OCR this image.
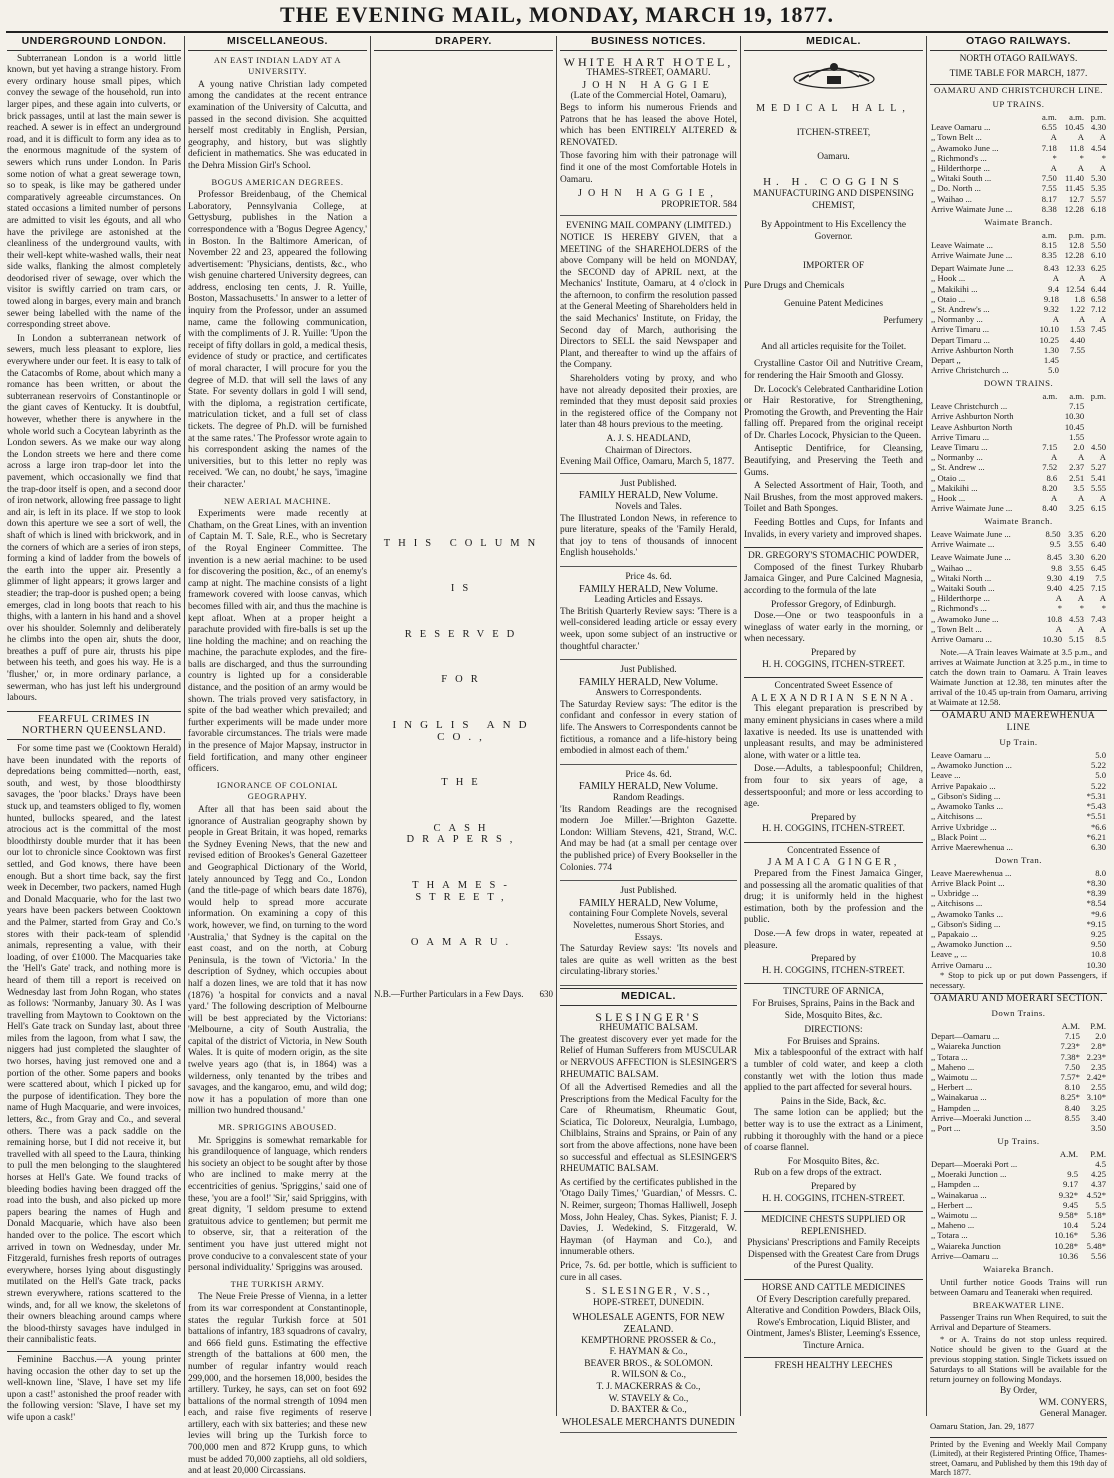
THE EVENING MAIL, MONDAY, MARCH 19, 1877.
UNDERGROUND LONDON.

Subterranean London is a world little known, but yet having a strange history. From every ordinary house small pipes, which convey the sewage of the household, run into larger pipes, and these again into culverts, or brick passages, until at last the main sewer is reached. A sewer is in effect an underground road, and it is difficult to form any idea as to the enormous magnitude of the system of sewers which runs under London. In Paris some notion of what a great sewerage town, so to speak, is like may be gathered under comparatively agreeable circumstances. On stated occasions a limited number of persons are admitted to visit les égouts, and all who have the privilege are astonished at the cleanliness of the underground vaults, with their well-kept white-washed walls, their neat side walks, flanking the almost completely deodorised river of sewage, over which the visitor is swiftly carried on tram cars, or towed along in barges, every main and branch sewer being labelled with the name of the corresponding street above.

In London a subterranean network of sewers, much less pleasant to explore, lies everywhere under our feet. It is easy to talk of the Catacombs of Rome, about which many a romance has been written, or about the subterranean reservoirs of Constantinople or the giant caves of Kentucky. It is doubtful, however, whether there is anywhere in the whole world such a Cocytean labyrinth as the London sewers. As we make our way along the London streets we here and there come across a large iron trap-door let into the pavement, which occasionally we find that the trap-door itself is open, and a second door of iron network, allowing free passage to light and air, is left in its place. If we stop to look down this aperture we see a sort of well, the shaft of which is lined with brickwork, and in the corners of which are a series of iron steps, forming a kind of ladder from the bowels of the earth into the upper air. Presently a glimmer of light appears; it grows larger and steadier; the trap-door is pushed open; a being emerges, clad in long boots that reach to his thighs, with a lantern in his hand and a shovel over his shoulder. Solemnly and deliberately he climbs into the open air, shuts the door, breathes a puff of pure air, thrusts his pipe between his teeth, and goes his way. He is a 'flusher,' or, in more ordinary parlance, a sewerman, who has just left his underground labours.

FEARFUL CRIMES IN NORTHERN QUEENSLAND.

For some time past we (Cooktown Herald) have been inundated with the reports of depredations being committed—north, east, south, and west, by those bloodthirsty savages, the 'poor blacks.' Drays have been stuck up, and teamsters obliged to fly, women hunted, bullocks speared, and the latest atrocious act is the committal of the most bloodthirsty double murder that it has been our lot to chronicle since Cooktown was first settled, and God knows, there have been enough. But a short time back, say the first week in December, two packers, named Hugh and Donald Macquarie, who for the last two years have been packers between Cooktown and the Palmer, started from Gray and Co.'s stores with their pack-team of splendid animals, representing a value, with their loading, of over £1000. The Macquaries take the 'Hell's Gate' track, and nothing more is heard of them till a report is received on Wednesday last from John Rogan, who states as follows: 'Normanby, January 30. As I was travelling from Maytown to Cooktown on the Hell's Gate track on Sunday last, about three miles from the lagoon, from what I saw, the niggers had just completed the slaughter of two horses, having just removed one and a portion of the other. Some papers and books were scattered about, which I picked up for the purpose of identification. They bore the name of Hugh Macquarie, and were invoices, letters, &c., from Gray and Co., and several others. There was a pack saddle on the remaining horse, but I did not receive it, but travelled with all speed to the Laura, thinking to pull the men belonging to the slaughtered horses at Hell's Gate. We found tracks of bleeding bodies having been dragged off the road into the bush, and also picked up more papers bearing the names of Hugh and Donald Macquarie, which have also been handed over to the police. The escort which arrived in town on Wednesday, under Mr. Fitzgerald, furnishes fresh reports of outrages everywhere, horses lying about disgustingly mutilated on the Hell's Gate track, packs strewn everywhere, rations scattered to the winds, and, for all we know, the skeletons of their owners bleaching around camps where the blood-thirsty savages have indulged in their cannibalistic feats.

Feminine Bacchus.—A young printer having occasion the other day to set up the well-known line, 'Slave, I have set my life upon a cast!' astonished the proof reader with the following version: 'Slave, I have set my wife upon a cask!'

MISCELLANEOUS.
AN EAST INDIAN LADY AT A UNIVERSITY.

A young native Christian lady competed among the candidates at the recent entrance examination of the University of Calcutta, and passed in the second division. She acquitted herself most creditably in English, Persian, geography, and history, but was slightly deficient in mathematics. She was educated in the Dehra Mission Girl's School.

BOGUS AMERICAN DEGREES.

Professor Breidenbaug, of the Chemical Laboratory, Pennsylvania College, at Gettysburg, publishes in the Nation a correspondence with a 'Bogus Degree Agency,' in Boston. In the Baltimore American, of November 22 and 23, appeared the following advertisement: 'Physicians, dentists, &c., who wish genuine chartered University degrees, can address, enclosing ten cents, J. R. Yuille, Boston, Massachusetts.' In answer to a letter of inquiry from the Professor, under an assumed name, came the following communication, with the compliments of J. R. Yuille: 'Upon the receipt of fifty dollars in gold, a medical thesis, evidence of study or practice, and certificates of moral character, I will procure for you the degree of M.D. that will sell the laws of any State. For seventy dollars in gold I will send, with the diploma, a registration certificate, matriculation ticket, and a full set of class tickets. The degree of Ph.D. will be furnished at the same rates.' The Professor wrote again to his correspondent asking the names of the universities, but to this letter no reply was received. 'We can, no doubt,' he says, 'imagine their character.'

NEW AERIAL MACHINE.

Experiments were made recently at Chatham, on the Great Lines, with an invention of Captain M. T. Sale, R.E., who is Secretary of the Royal Engineer Committee. The invention is a new aerial machine: to be used for discovering the position, &c., of an enemy's camp at night. The machine consists of a light framework covered with loose canvas, which becomes filled with air, and thus the machine is kept afloat. When at a proper height a parachute provided with fire-balls is set up the line holding the machine; and on reaching the machine, the parachute explodes, and the fire-balls are discharged, and thus the surrounding country is lighted up for a considerable distance, and the position of an army would be shown. The trials proved very satisfactory, in spite of the bad weather which prevailed; and further experiments will be made under more favorable circumstances. The trials were made in the presence of Major Mapsay, instructor in field fortification, and many other engineer officers.

IGNORANCE OF COLONIAL GEOGRAPHY.

After all that has been said about the ignorance of Australian geography shown by people in Great Britain, it was hoped, remarks the Sydney Evening News, that the new and revised edition of Brookes's General Gazetteer and Geographical Dictionary of the World, lately announced by Tegg and Co., London (and the title-page of which bears date 1876), would help to spread more accurate information. On examining a copy of this work, however, we find, on turning to the word 'Australia,' that Sydney is the capital on the east coast, and on the north, at Coburg Peninsula, is the town of 'Victoria.' In the description of Sydney, which occupies about half a dozen lines, we are told that it has now (1876) 'a hospital for convicts and a naval yard.' The following description of Melbourne will be best appreciated by the Victorians: 'Melbourne, a city of South Australia, the capital of the district of Victoria, in New South Wales. It is quite of modern origin, as the site twelve years ago (that is, in 1864) was a wilderness, only tenanted by the tribes and savages, and the kangaroo, emu, and wild dog; now it has a population of more than one million two hundred thousand.'

MR. SPRIGGINS ABOUSED.

Mr. Spriggins is somewhat remarkable for his grandiloquence of language, which renders his society an object to be sought after by those who are inclined to make merry at the eccentricities of genius. 'Spriggins,' said one of these, 'you are a fool!' 'Sir,' said Spriggins, with great dignity, 'I seldom presume to extend gratuitous advice to gentlemen; but permit me to observe, sir, that a reiteration of the sentiment you have just uttered might not prove conducive to a convalescent state of your personal individuality.' Spriggins was aroused.

THE TURKISH ARMY.

The Neue Freie Presse of Vienna, in a letter from its war correspondent at Constantinople, states the regular Turkish force at 501 battalions of infantry, 183 squadrons of cavalry, and 666 field guns. Estimating the effective strength of the battalions at 600 men, the number of regular infantry would reach 299,000, and the horsemen 18,000, besides the artillery. Turkey, he says, can set on foot 692 battalions of the normal strength of 1094 men each, and raise five regiments of reserve artillery, each with six batteries; and these new levies will bring up the Turkish force to 700,000 men and 872 Krupp guns, to which must be added 70,000 zaptiehs, all old soldiers, and at least 20,000 Circassians.

DRAPERY.
THIS COLUMN
IS
RESERVED
FOR
INGLIS AND CO.,
THE
CASH DRAPERS,
THAMES-STREET,
OAMARU.
N.B.—Further Particulars in a Few Days. 630
BUSINESS NOTICES.
WHITE HART HOTEL,
THAMES-STREET, OAMARU.
JOHN HAGGIE
(Late of the Commercial Hotel, Oamaru),

Begs to inform his numerous Friends and Patrons that he has leased the above Hotel, which has been ENTIRELY ALTERED & RENOVATED.

Those favoring him with their patronage will find it one of the most Comfortable Hotels in Oamaru.

JOHN HAGGIE,
PROPRIETOR. 584
EVENING MAIL COMPANY (LIMITED.)

NOTICE IS HEREBY GIVEN, that a MEETING of the SHAREHOLDERS of the above Company will be held on MONDAY, the SECOND day of APRIL next, at the Mechanics' Institute, Oamaru, at 4 o'clock in the afternoon, to confirm the resolution passed at the General Meeting of Shareholders held in the said Mechanics' Institute, on Friday, the Second day of March, authorising the Directors to SELL the said Newspaper and Plant, and thereafter to wind up the affairs of the Company.

Shareholders voting by proxy, and who have not already deposited their proxies, are reminded that they must deposit said proxies in the registered office of the Company not later than 48 hours previous to the meeting.

A. J. S. HEADLAND,
Chairman of Directors.
Evening Mail Office, Oamaru, March 5, 1877.
Just Published.
FAMILY HERALD, New Volume.
Novels and Tales.

The Illustrated London News, in reference to pure literature, speaks of the 'Family Herald, that joy to tens of thousands of innocent English households.'

Price 4s. 6d.
FAMILY HERALD, New Volume.
Leading Articles and Essays.

The British Quarterly Review says: 'There is a well-considered leading article or essay every week, upon some subject of an instructive or thoughtful character.'

Just Published.
FAMILY HERALD, New Volume.
Answers to Correspondents.

The Saturday Review says: 'The editor is the confidant and confessor in every station of life. The Answers to Correspondents cannot be fictitious, a romance and a life-history being embodied in almost each of them.'

Price 4s. 6d.
FAMILY HERALD, New Volume.
Random Readings.

'Its Random Readings are the recognised modern Joe Miller.'—Brighton Gazette. London: William Stevens, 421, Strand, W.C. And may be had (at a small per centage over the published price) of Every Bookseller in the Colonies. 774

Just Published.
FAMILY HERALD, New Volume,
containing Four Complete Novels, several Novelettes, numerous Short Stories, and Essays.

The Saturday Review says: 'Its novels and tales are quite as well written as the best circulating-library stories.'

MEDICAL.
SLESINGER'S
RHEUMATIC BALSAM.

The greatest discovery ever yet made for the Relief of Human Sufferers from MUSCULAR or NERVOUS AFFECTION is SLESINGER'S RHEUMATIC BALSAM.

Of all the Advertised Remedies and all the Prescriptions from the Medical Faculty for the Care of Rheumatism, Rheumatic Gout, Sciatica, Tic Doloreux, Neuralgia, Lumbago, Chilblains, Strains and Sprains, or Pain of any sort from the above affections, none have been so successful and effectual as SLESINGER'S RHEUMATIC BALSAM.

As certified by the certificates published in the 'Otago Daily Times,' 'Guardian,' of Messrs. C. N. Reimer, surgeon; Thomas Halliwell, Joseph Moss, John Healey, Chas. Sykes, Pianist; F. J. Davies, J. Wedekind, S. Fitzgerald, W. Hayman (of Hayman and Co.), and innumerable others.

Price, 7s. 6d. per bottle, which is sufficient to cure in all cases.

S. SLESINGER, V.S.,
HOPE-STREET, DUNEDIN.
WHOLESALE AGENTS, FOR NEW ZEALAND.
KEMPTHORNE PROSSER & Co.,
F. HAYMAN & Co.,
BEAVER BROS., & SOLOMON.
R. WILSON & Co.,
T. J. MACKERRAS & Co.,
W. STAVELY & Co.,
D. BAXTER & Co.,
WHOLESALE MERCHANTS DUNEDIN
MEDICAL.
MEDICAL HALL,
ITCHEN-STREET,
Oamaru.
H. H. COGGINS
MANUFACTURING AND DISPENSING CHEMIST,
By Appointment to His Excellency the Governor.
IMPORTER OF
Pure Drugs and Chemicals
Genuine Patent Medicines
Perfumery
And all articles requisite for the Toilet.

Crystalline Castor Oil and Nutritive Cream, for rendering the Hair Smooth and Glossy.

Dr. Locock's Celebrated Cantharidine Lotion or Hair Restorative, for Strengthening, Promoting the Growth, and Preventing the Hair falling off. Prepared from the original receipt of Dr. Charles Locock, Physician to the Queen.

Antiseptic Dentifrice, for Cleansing, Beautifying, and Preserving the Teeth and Gums.

A Selected Assortment of Hair, Tooth, and Nail Brushes, from the most approved makers. Toilet and Bath Sponges.

Feeding Bottles and Cups, for Infants and Invalids, in every variety and improved shapes.

DR. GREGORY'S STOMACHIC POWDER,

Composed of the finest Turkey Rhubarb Jamaica Ginger, and Pure Calcined Magnesia, according to the formula of the late

Professor Gregory, of Edinburgh.

Dose.—One or two teaspoonfuls in a wineglass of water early in the morning, or when necessary.

Prepared by
H. H. COGGINS, ITCHEN-STREET.
Concentrated Sweet Essence of
ALEXANDRIAN SENNA.

This elegant preparation is prescribed by many eminent physicians in cases where a mild laxative is needed. Its use is unattended with unpleasant results, and may be administered alone, with water or a little tea.

Dose.—Adults, a tablespoonful; Children, from four to six years of age, a dessertspoonful; and more or less according to age.

Prepared by
H. H. COGGINS, ITCHEN-STREET.
Concentrated Essence of
JAMAICA GINGER,

Prepared from the Finest Jamaica Ginger, and possessing all the aromatic qualities of that drug; it is uniformly held in the highest estimation, both by the profession and the public.

Dose.—A few drops in water, repeated at pleasure.

Prepared by
H. H. COGGINS, ITCHEN-STREET.
TINCTURE OF ARNICA,
For Bruises, Sprains, Pains in the Back and Side, Mosquito Bites, &c.
DIRECTIONS:
For Bruises and Sprains.

Mix a tablespoonful of the extract with half a tumbler of cold water, and keep a cloth constantly wet with the lotion thus made applied to the part affected for several hours.

Pains in the Side, Back, &c.

The same lotion can be applied; but the better way is to use the extract as a Liniment, rubbing it thoroughly with the hand or a piece of coarse flannel.

For Mosquito Bites, &c.

Rub on a few drops of the extract.

Prepared by
H. H. COGGINS, ITCHEN-STREET.
MEDICINE CHESTS SUPPLIED OR REPLENISHED.

Physicians' Prescriptions and Family Receipts Dispensed with the Greatest Care from Drugs of the Purest Quality.

HORSE AND CATTLE MEDICINES

Of Every Description carefully prepared. Alterative and Condition Powders, Black Oils, Rowe's Embrocation, Liquid Blister, and Ointment, James's Blister, Leeming's Essence, Tincture Arnica.

FRESH HEALTHY LEECHES
OTAGO RAILWAYS.
NORTH OTAGO RAILWAYS.
TIME TABLE FOR MARCH, 1877.
OAMARU AND CHRISTCHURCH LINE.
UP TRAINS.
	a.m.	a.m.	p.m.
Leave Oamaru ...	6.55	10.45	4.30
,, Town Belt ...	A	A	A
,, Awamoko June ...	7.18	11.8	4.54
,, Richmond's ...	*	*	*
,, Hilderthorpe ...	A	A	A
,, Witaki South ...	7.50	11.40	5.30
,, Do. North ...	7.55	11.45	5.35
,, Waihao ...	8.17	12.7	5.57
Arrive Waimate June ...	8.38	12.28	6.18
Waimate Branch.
	a.m.	p.m.	p.m.
Leave Waimate ...	8.15	12.8	5.50
Arrive Waimate June ...	8.35	12.28	6.10
Depart Waimate June ...	8.43	12.33	6.25
,, Hook ...	A	A	A
,, Makikihi ...	9.4	12.54	6.44
,, Otaio ...	9.18	1.8	6.58
,, St. Andrew's ...	9.32	1.22	7.12
,, Normanby ...	A	A	A
Arrive Timaru ...	10.10	1.53	7.45
Depart Timaru ...	10.25	4.40	
Arrive Ashburton North	1.30	7.55	
Depart ,,	1.45		
Arrive Christchurch ...	5.0		
DOWN TRAINS.
	a.m.	a.m.	p.m.
Leave Christchurch ...		7.15	
Arrive Ashburton North		10.30	
Leave Ashburton North		10.45	
Arrive Timaru ...		1.55	
Leave Timaru ...	7.15	2.0	4.50
,, Normanby ...	A	A	A
,, St. Andrew ...	7.52	2.37	5.27
,, Otaio ...	8.6	2.51	5.41
,, Makikihi ...	8.20	3.5	5.55
,, Hook ...	A	A	A
Arrive Waimate June ...	8.40	3.25	6.15
Waimate Branch.
Leave Waimate June ...	8.50	3.35	6.20
Arrive Waimate ...	9.5	3.55	6.40
Leave Waimate June ...	8.45	3.30	6.20
,, Waihao ...	9.8	3.55	6.45
,, Witaki North ...	9.30	4.19	7.5
,, Waitaki South ...	9.40	4.25	7.15
,, Hilderthorpe ...	A	A	A
,, Richmond's ...	*	*	*
,, Awamoko June ...	10.8	4.53	7.43
,, Town Belt ...	A	A	A
Arrive Oamaru ...	10.30	5.15	8.5

Note.—A Train leaves Waimate at 3.5 p.m., and arrives at Waimate Junction at 3.25 p.m., in time to catch the down train to Oamaru. A Train leaves Waimate Junction at 12.38, ten minutes after the arrival of the 10.45 up-train from Oamaru, arriving at Waimate at 12.58.

OAMARU AND MAEREWHENUA LINE
Up Train.
Leave Oamaru ...	5.0
,, Awamoko Junction ...	5.22
Leave ...	5.0
Arrive Papakaio ...	5.22
,, Gibson's Siding ...	*5.31
,, Awamoko Tanks ...	*5.43
,, Aitchisons ...	*5.51
Arrive Uxbridge ...	*6.6
,, Black Point ...	*6.21
Arrive Maerewhenua ...	6.30
Down Tran.
Leave Maerewhenua ...	8.0
Arrive Black Point ...	*8.30
,, Uxbridge ...	*8.39
,, Aitchisons ...	*8.54
,, Awamoko Tanks ...	*9.6
,, Gibson's Siding ...	*9.15
,, Papakaio ...	9.25
,, Awamoko Junction ...	9.50
Leave ,, ...	10.8
Arrive Oamaru ...	10.30

* Stop to pick up or put down Passengers, if necessary.

OAMARU AND MOERARI SECTION.
Down Trains.
	A.M.	P.M.
Depart—Oamaru ...	7.15	2.0
,, Waiareka Junction	7.23*	2.8*
,, Totara ...	7.38*	2.23*
,, Maheno ...	7.50	2.35
,, Waimotu ...	7.57*	2.42*
,, Herbert ...	8.10	2.55
,, Wainakarua ...	8.25*	3.10*
,, Hampden ...	8.40	3.25
Arrive—Moeraki Junction ...	8.55	3.40
,, Port ...		3.50
Up Trains.
	A.M.	P.M.
Depart—Moeraki Port ...		4.5
,, Moeraki Junction ...	9.5	4.25
,, Hampden ...	9.17	4.37
,, Wainakarua ...	9.32*	4.52*
,, Herbert ...	9.45	5.5
,, Waimotu ...	9.58*	5.18*
,, Maheno ...	10.4	5.24
,, Totara ...	10.16*	5.36
,, Waiareka Junction	10.28*	5.48*
Arrive—Oamaru ...	10.36	5.56
Waiareka Branch.

Until further notice Goods Trains will run between Oamaru and Teaneraki when required.

BREAKWATER LINE.

Passenger Trains run When Required, to suit the Arrival and Departure of Steamers.

* or A. Trains do not stop unless required. Notice should be given to the Guard at the previous stopping station. Single Tickets issued on Saturdays to all Stations will be available for the return journey on following Mondays.

By Order,
WM. CONYERS,
General Manager.
Oamaru Station, Jan. 29, 1877
Printed by the Evening and Weekly Mail Company (Limited), at their Registered Printing Office, Thames-street, Oamaru, and Published by them this 19th day of March 1877.
